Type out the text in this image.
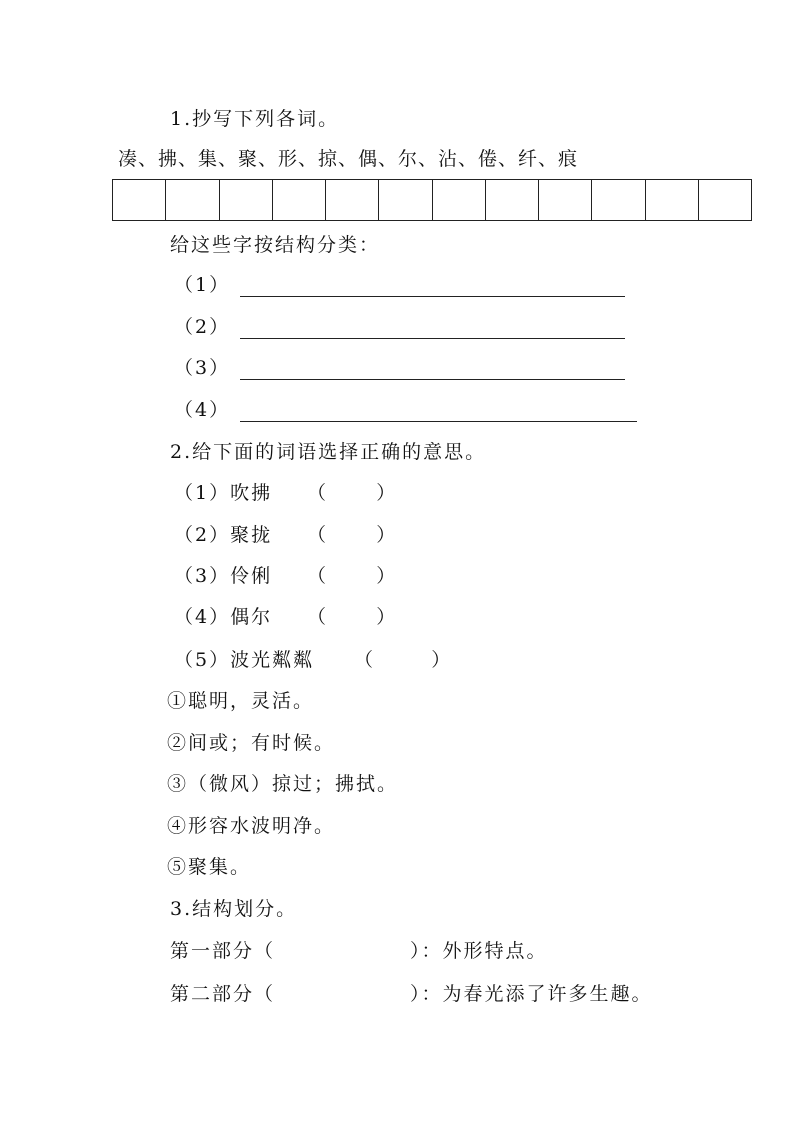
1.抄写下列各词。
凑、拂、集、聚、形、掠、偶、尔、沾、倦、纤、痕
给这些字按结构分类：
（1）
（2）
（3）
（4）
2.给下面的词语选择正确的意思。
（1）吹拂 （      ）
（2）聚拢 （      ）
（3）伶俐 （      ）
（4）偶尔 （      ）
（5）波光粼粼 （       ）
①聪明，灵活。
②间或；有时候。
③（微风）掠过；拂拭。
④形容水波明净。
⑤聚集。
3.结构划分。
第一部分（	）：外形特点。
第二部分（	）：为春光添了许多生趣。
